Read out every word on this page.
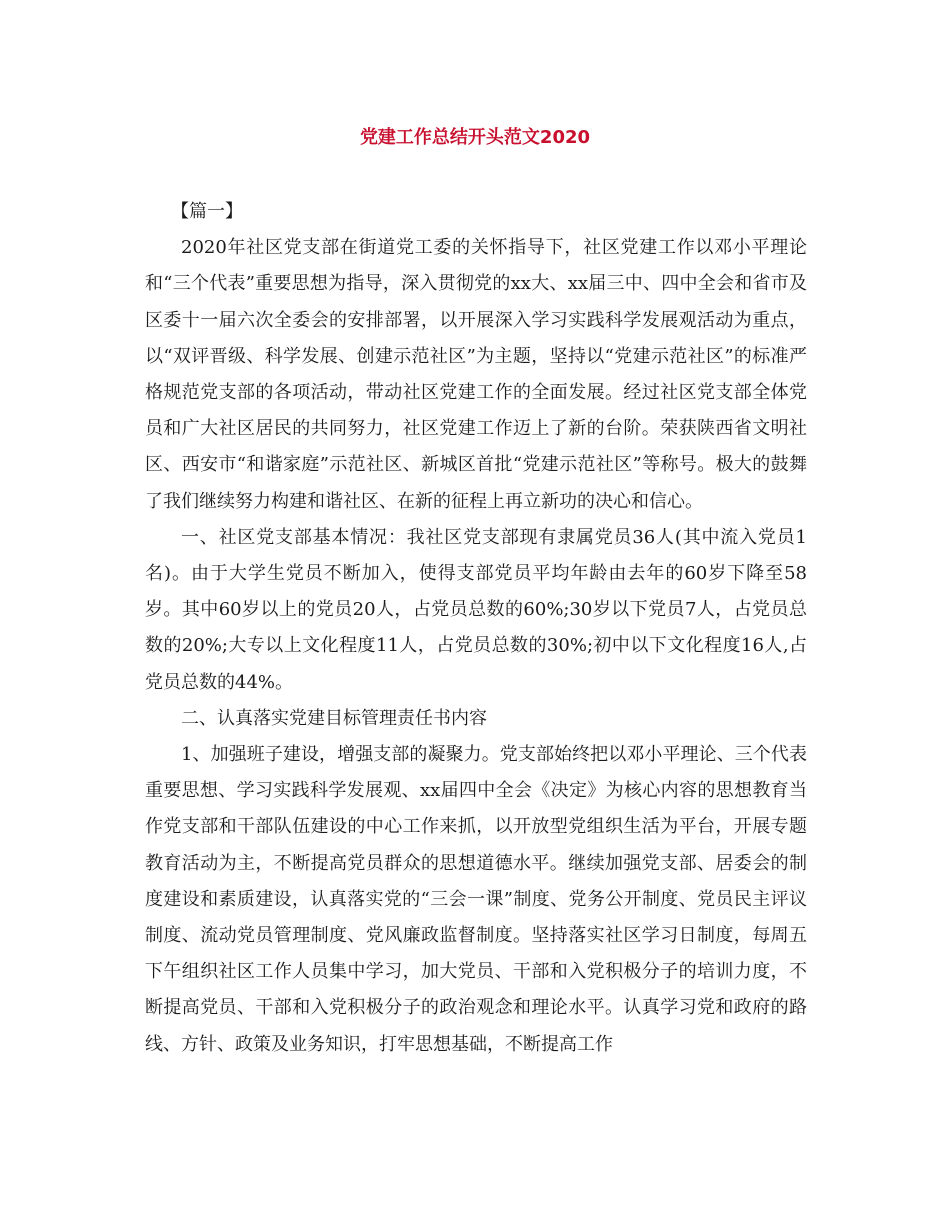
党建工作总结开头范文2020

【篇一】

2020年社区党支部在街道党工委的关怀指导下，社区党建工作以邓小平理论和“三个代表”重要思想为指导，深入贯彻党的xx大、xx届三中、四中全会和省市及区委十一届六次全委会的安排部署，以开展深入学习实践科学发展观活动为重点，以“双评晋级、科学发展、创建示范社区”为主题，坚持以“党建示范社区”的标准严格规范党支部的各项活动，带动社区党建工作的全面发展。经过社区党支部全体党员和广大社区居民的共同努力，社区党建工作迈上了新的台阶。荣获陕西省文明社区、西安市“和谐家庭”示范社区、新城区首批“党建示范社区”等称号。极大的鼓舞了我们继续努力构建和谐社区、在新的征程上再立新功的决心和信心。

一、社区党支部基本情况：我社区党支部现有隶属党员36人(其中流入党员1名)。由于大学生党员不断加入，使得支部党员平均年龄由去年的60岁下降至58岁。其中60岁以上的党员20人，占党员总数的60%;30岁以下党员7人，占党员总数的20%;大专以上文化程度11人，占党员总数的30%;初中以下文化程度16人,占党员总数的44%。

二、认真落实党建目标管理责任书内容

1、加强班子建设，增强支部的凝聚力。党支部始终把以邓小平理论、三个代表重要思想、学习实践科学发展观、xx届四中全会《决定》为核心内容的思想教育当作党支部和干部队伍建设的中心工作来抓，以开放型党组织生活为平台，开展专题教育活动为主，不断提高党员群众的思想道德水平。继续加强党支部、居委会的制度建设和素质建设，认真落实党的“三会一课”制度、党务公开制度、党员民主评议制度、流动党员管理制度、党风廉政监督制度。坚持落实社区学习日制度，每周五下午组织社区工作人员集中学习，加大党员、干部和入党积极分子的培训力度，不断提高党员、干部和入党积极分子的政治观念和理论水平。认真学习党和政府的路线、方针、政策及业务知识，打牢思想基础，不断提高工作
